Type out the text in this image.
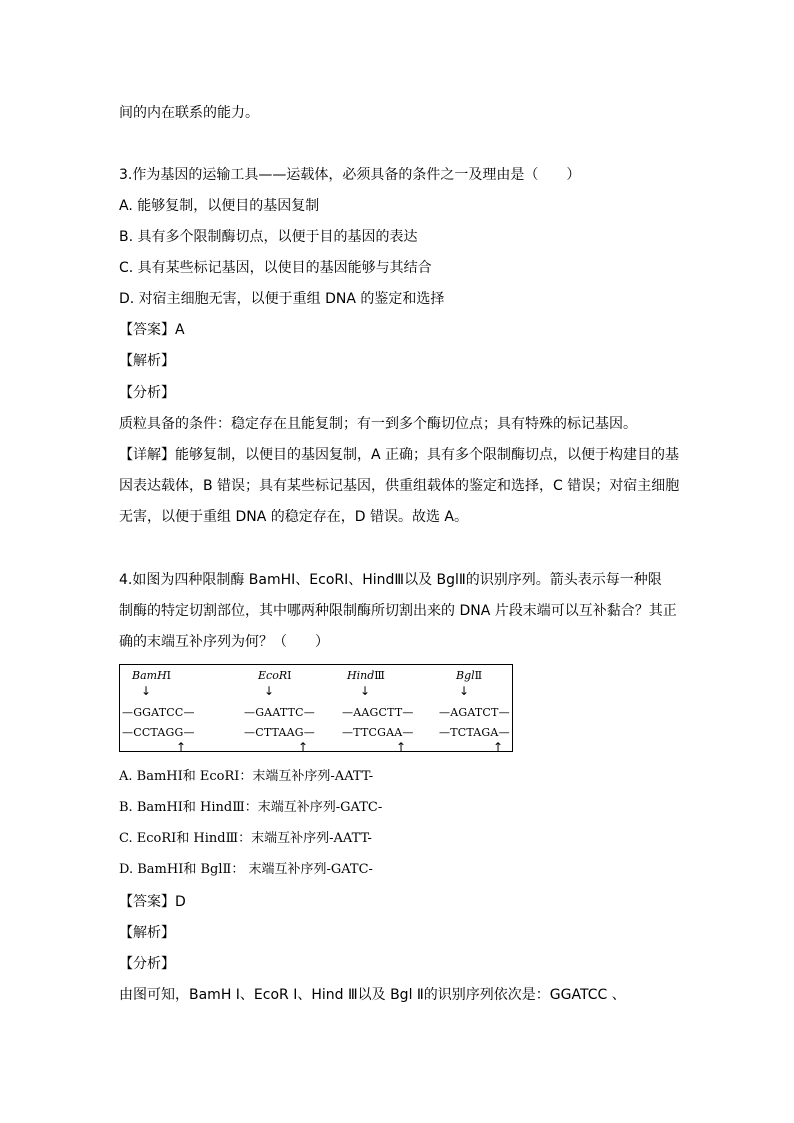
间的内在联系的能力。
3.作为基因的运输工具——运载体，必须具备的条件之一及理由是（　　）
A. 能够复制，以便目的基因复制
B. 具有多个限制酶切点，以便于目的基因的表达
C. 具有某些标记基因，以使目的基因能够与其结合
D. 对宿主细胞无害，以便于重组 DNA 的鉴定和选择
【答案】A
【解析】
【分析】
质粒具备的条件：稳定存在且能复制；有一到多个酶切位点；具有特殊的标记基因。
【详解】能够复制，以便目的基因复制，A 正确；具有多个限制酶切点，以便于构建目的基
因表达载体，B 错误；具有某些标记基因，供重组载体的鉴定和选择，C 错误；对宿主细胞
无害，以便于重组 DNA 的稳定存在，D 错误。故选 A。
4.如图为四种限制酶 BamHⅠ、EcoRⅠ、HindⅢ以及 BglⅡ的识别序列。箭头表示每一种限
制酶的特定切割部位，其中哪两种限制酶所切割出来的 DNA 片段末端可以互补黏合？其正
确的末端互补序列为何？（　　）
BamHⅠ
↓
—GGATCC—
—CCTAGG—
↑
EcoRⅠ
↓
—GAATTC—
—CTTAAG—
↑
HindⅢ
↓
—AAGCTT—
—TTCGAA—
↑
BglⅡ
↓
—AGATCT—
—TCTAGA—
↑
A. BamHⅠ和 EcoRⅠ：末端互补序列-AATT-
B. BamHⅠ和 HindⅢ：末端互补序列-GATC-
C. EcoRⅠ和 HindⅢ：末端互补序列-AATT-
D. BamHⅠ和 BglⅡ： 末端互补序列-GATC-
【答案】D
【解析】
【分析】
由图可知，BamH Ⅰ、EcoR Ⅰ、Hind Ⅲ以及 Bgl Ⅱ的识别序列依次是：GGATCC 、
